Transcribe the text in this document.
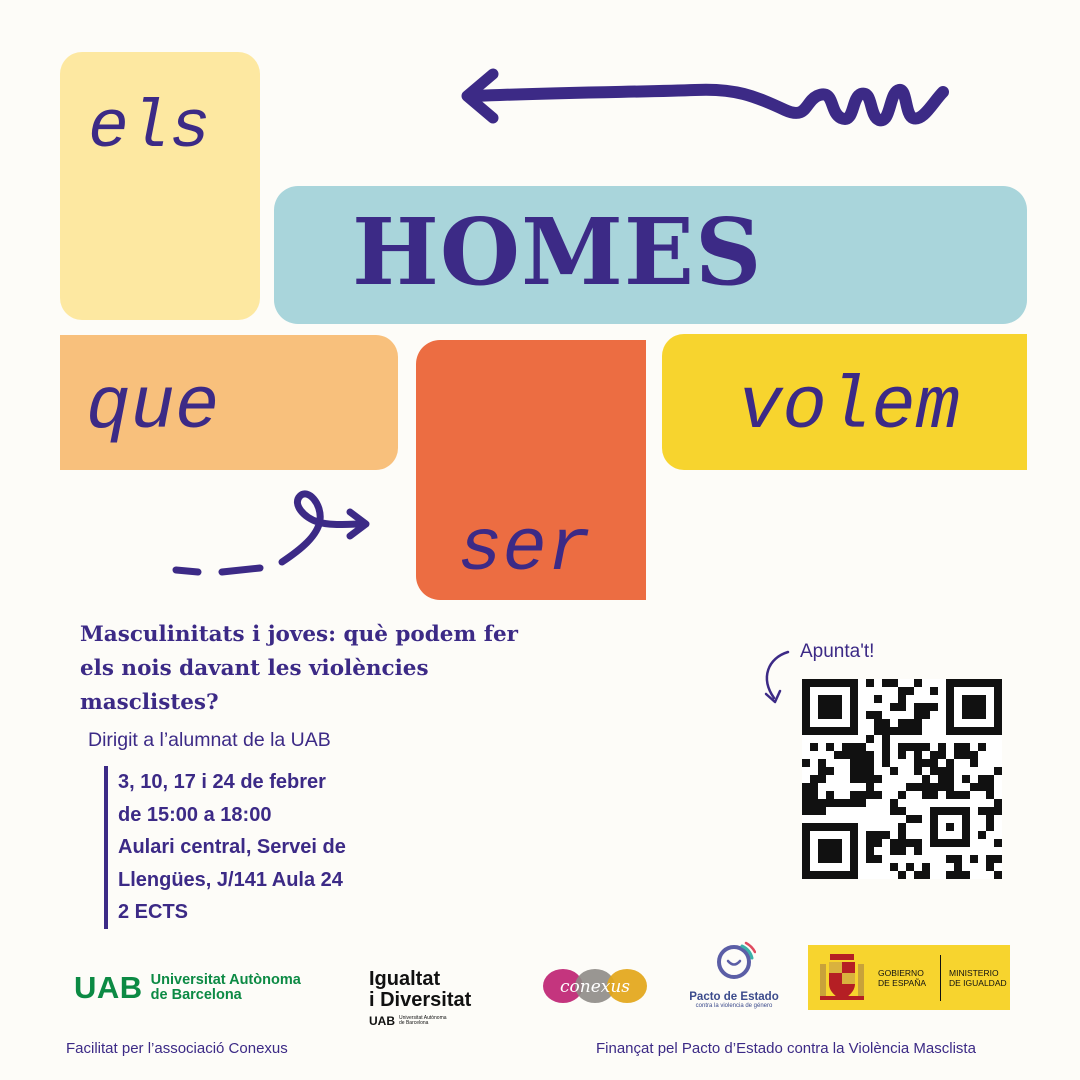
els
HOMES
que	volem
ser
Masculinitats i joves: què podem fer els nois davant les violències masclistes?
Dirigit a l’alumnat de la UAB
3, 10, 17 i 24 de febrer
de 15:00 a 18:00
Aulari central, Servei de
Llengües, J/141 Aula 24
2 ECTS
Apunta't!
UAB Universitat Autònoma
de Barcelona
Igualtat
i Diversitat
UAB Universitat Autònoma
de Barcelona
conexus	Pacto de Estado
contra la violencia de género
GOBIERNO
DE ESPAÑA
MINISTERIO
DE IGUALDAD
Facilitat per l’associació Conexus	Finançat pel Pacto d’Estado contra la Violència Masclista
